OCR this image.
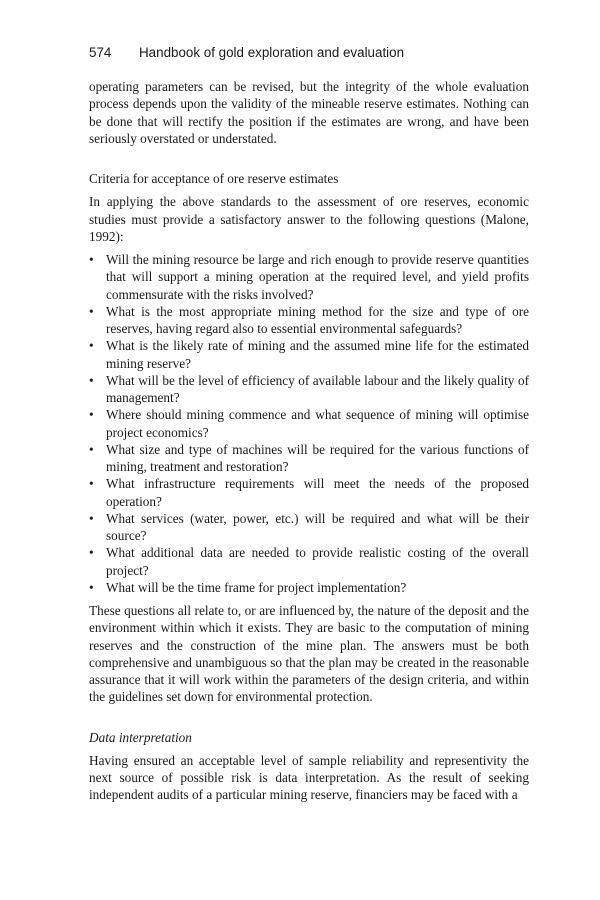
574 Handbook of gold exploration and evaluation

operating parameters can be revised, but the integrity of the whole evaluation process depends upon the validity of the mineable reserve estimates. Nothing can be done that will rectify the position if the estimates are wrong, and have been seriously overstated or understated.

Criteria for acceptance of ore reserve estimates

In applying the above standards to the assessment of ore reserves, economic studies must provide a satisfactory answer to the following questions (Malone, 1992):

• Will the mining resource be large and rich enough to provide reserve quantities that will support a mining operation at the required level, and yield profits commensurate with the risks involved?
• What is the most appropriate mining method for the size and type of ore reserves, having regard also to essential environmental safeguards?
• What is the likely rate of mining and the assumed mine life for the estimated mining reserve?
• What will be the level of efficiency of available labour and the likely quality of management?
• Where should mining commence and what sequence of mining will optimise project economics?
• What size and type of machines will be required for the various functions of mining, treatment and restoration?
• What infrastructure requirements will meet the needs of the proposed operation?
• What services (water, power, etc.) will be required and what will be their source?
• What additional data are needed to provide realistic costing of the overall project?
• What will be the time frame for project implementation?

These questions all relate to, or are influenced by, the nature of the deposit and the environment within which it exists. They are basic to the computation of mining reserves and the construction of the mine plan. The answers must be both comprehensive and unambiguous so that the plan may be created in the reasonable assurance that it will work within the parameters of the design criteria, and within the guidelines set down for environmental protection.

Data interpretation

Having ensured an acceptable level of sample reliability and representivity the next source of possible risk is data interpretation. As the result of seeking independent audits of a particular mining reserve, financiers may be faced with a
